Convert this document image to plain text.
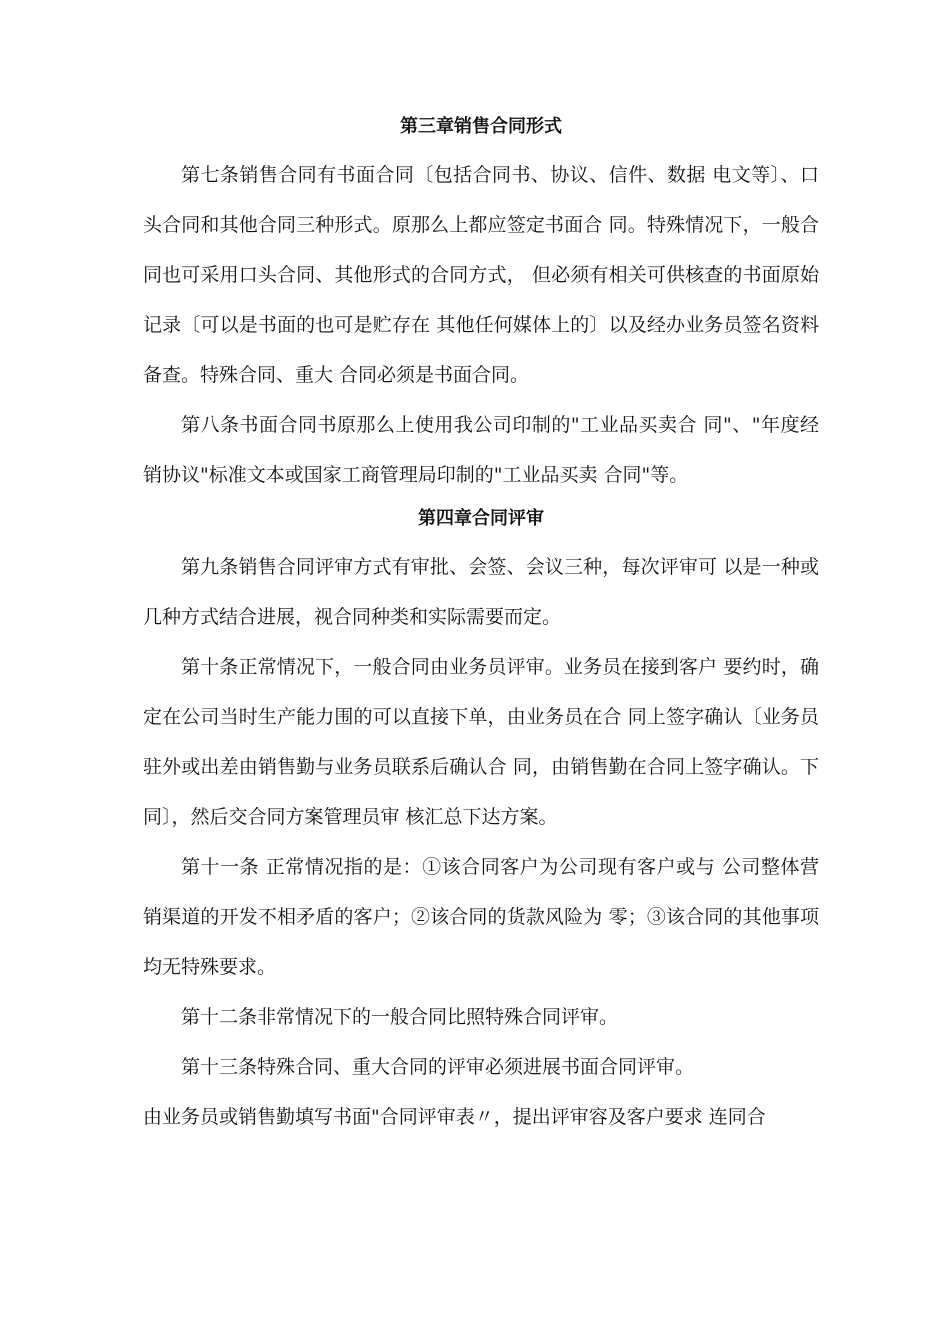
第三章销售合同形式

第七条销售合同有书面合同〔包括合同书、协议、信件、数据 电文等〕、口头合同和其他合同三种形式。原那么上都应签定书面合 同。特殊情况下，一般合同也可采用口头合同、其他形式的合同方式， 但必须有相关可供核查的书面原始记录〔可以是书面的也可是贮存在 其他任何媒体上的〕以及经办业务员签名资料备查。特殊合同、重大 合同必须是书面合同。

第八条书面合同书原那么上使用我公司印制的"工业品买卖合 同"、"年度经销协议"标准文本或国家工商管理局印制的"工业品买卖 合同"等。

第四章合同评审

第九条销售合同评审方式有审批、会签、会议三种，每次评审可 以是一种或几种方式结合进展，视合同种类和实际需要而定。

第十条正常情况下，一般合同由业务员评审。业务员在接到客户 要约时，确定在公司当时生产能力围的可以直接下单，由业务员在合 同上签字确认〔业务员驻外或出差由销售勤与业务员联系后确认合 同，由销售勤在合同上签字确认。下同〕，然后交合同方案管理员审 核汇总下达方案。

第十一条 正常情况指的是：①该合同客户为公司现有客户或与 公司整体营销渠道的开发不相矛盾的客户；②该合同的货款风险为 零；③该合同的其他事项均无特殊要求。

第十二条非常情况下的一般合同比照特殊合同评审。

第十三条特殊合同、重大合同的评审必须进展书面合同评审。

由业务员或销售勤填写书面"合同评审表〃，提出评审容及客户要求 连同合
